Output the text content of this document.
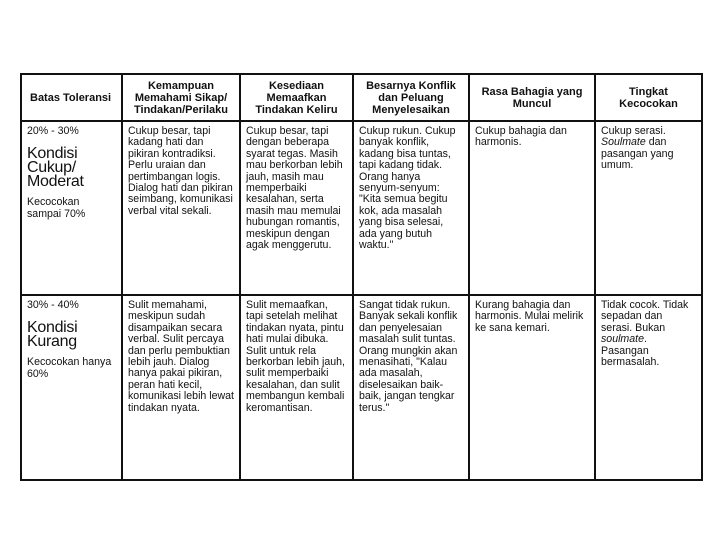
Batas Toleransi	Kemampuan Memahami Sikap/ Tindakan/Perilaku	Kesediaan Memaafkan Tindakan Keliru	Besarnya Konflik dan Peluang Menyelesaikan	Rasa Bahagia yang Muncul	Tingkat Kecocokan

20% - 30%
Kondisi Cukup/ Moderat
Kecocokan sampai 70%	Cukup besar, tapi kadang hati dan pikiran kontradiksi. Perlu uraian dan pertimbangan logis. Dialog hati dan pikiran seimbang, komunikasi verbal vital sekali.	Cukup besar, tapi dengan beberapa syarat tegas. Masih mau berkorban lebih jauh, masih mau memperbaiki kesalahan, serta masih mau memulai hubungan romantis, meskipun dengan agak menggerutu.	Cukup rukun. Cukup banyak konflik, kadang bisa tuntas, tapi kadang tidak. Orang hanya senyum-senyum: "Kita semua begitu kok, ada masalah yang bisa selesai, ada yang butuh waktu."	Cukup bahagia dan harmonis.	Cukup serasi. Soulmate dan pasangan yang umum.

30% - 40%
Kondisi Kurang
Kecocokan hanya 60%	Sulit memahami, meskipun sudah disampaikan secara verbal. Sulit percaya dan perlu pembuktian lebih jauh. Dialog hanya pakai pikiran, peran hati kecil, komunikasi lebih lewat tindakan nyata.	Sulit memaafkan, tapi setelah melihat tindakan nyata, pintu hati mulai dibuka. Sulit untuk rela berkorban lebih jauh, sulit memperbaiki kesalahan, dan sulit membangun kembali keromantisan.	Sangat tidak rukun. Banyak sekali konflik dan penyelesaian masalah sulit tuntas. Orang mungkin akan menasihati, "Kalau ada masalah, diselesaikan baik-baik, jangan tengkar terus."	Kurang bahagia dan harmonis. Mulai melirik ke sana kemari.	Tidak cocok. Tidak sepadan dan serasi. Bukan soulmate. Pasangan bermasalah.
